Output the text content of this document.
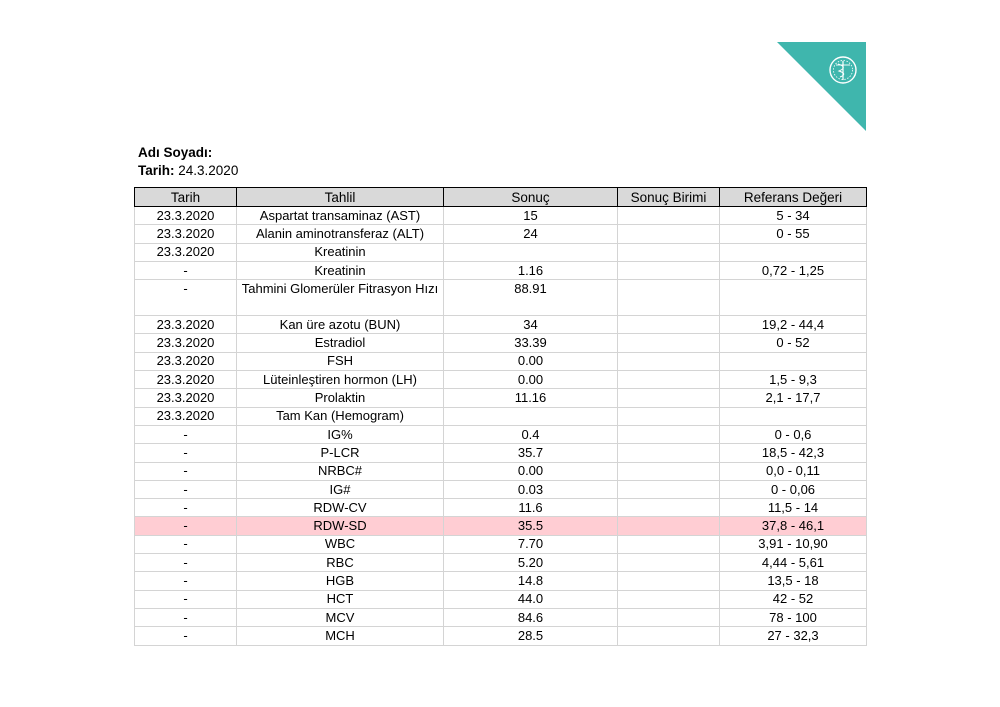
Adı Soyadı:
Tarih: 24.3.2020
Tarih	Tahlil	Sonuç	Sonuç Birimi	Referans Değeri
23.3.2020	Aspartat transaminaz (AST)	15		5 - 34
23.3.2020	Alanin aminotransferaz (ALT)	24		0 - 55
23.3.2020	Kreatinin			
-	Kreatinin	1.16		0,72 - 1,25
-	Tahmini Glomerüler Fitrasyon Hızı	88.91		
23.3.2020	Kan üre azotu (BUN)	34		19,2 - 44,4
23.3.2020	Estradiol	33.39		0 - 52
23.3.2020	FSH	0.00		
23.3.2020	Lüteinleştiren hormon (LH)	0.00		1,5 - 9,3
23.3.2020	Prolaktin	11.16		2,1 - 17,7
23.3.2020	Tam Kan (Hemogram)			
-	IG%	0.4		0 - 0,6
-	P-LCR	35.7		18,5 - 42,3
-	NRBC#	0.00		0,0 - 0,11
-	IG#	0.03		0 - 0,06
-	RDW-CV	11.6		11,5 - 14
-	RDW-SD	35.5		37,8 - 46,1
-	WBC	7.70		3,91 - 10,90
-	RBC	5.20		4,44 - 5,61
-	HGB	14.8		13,5 - 18
-	HCT	44.0		42 - 52
-	MCV	84.6		78 - 100
-	MCH	28.5		27 - 32,3
